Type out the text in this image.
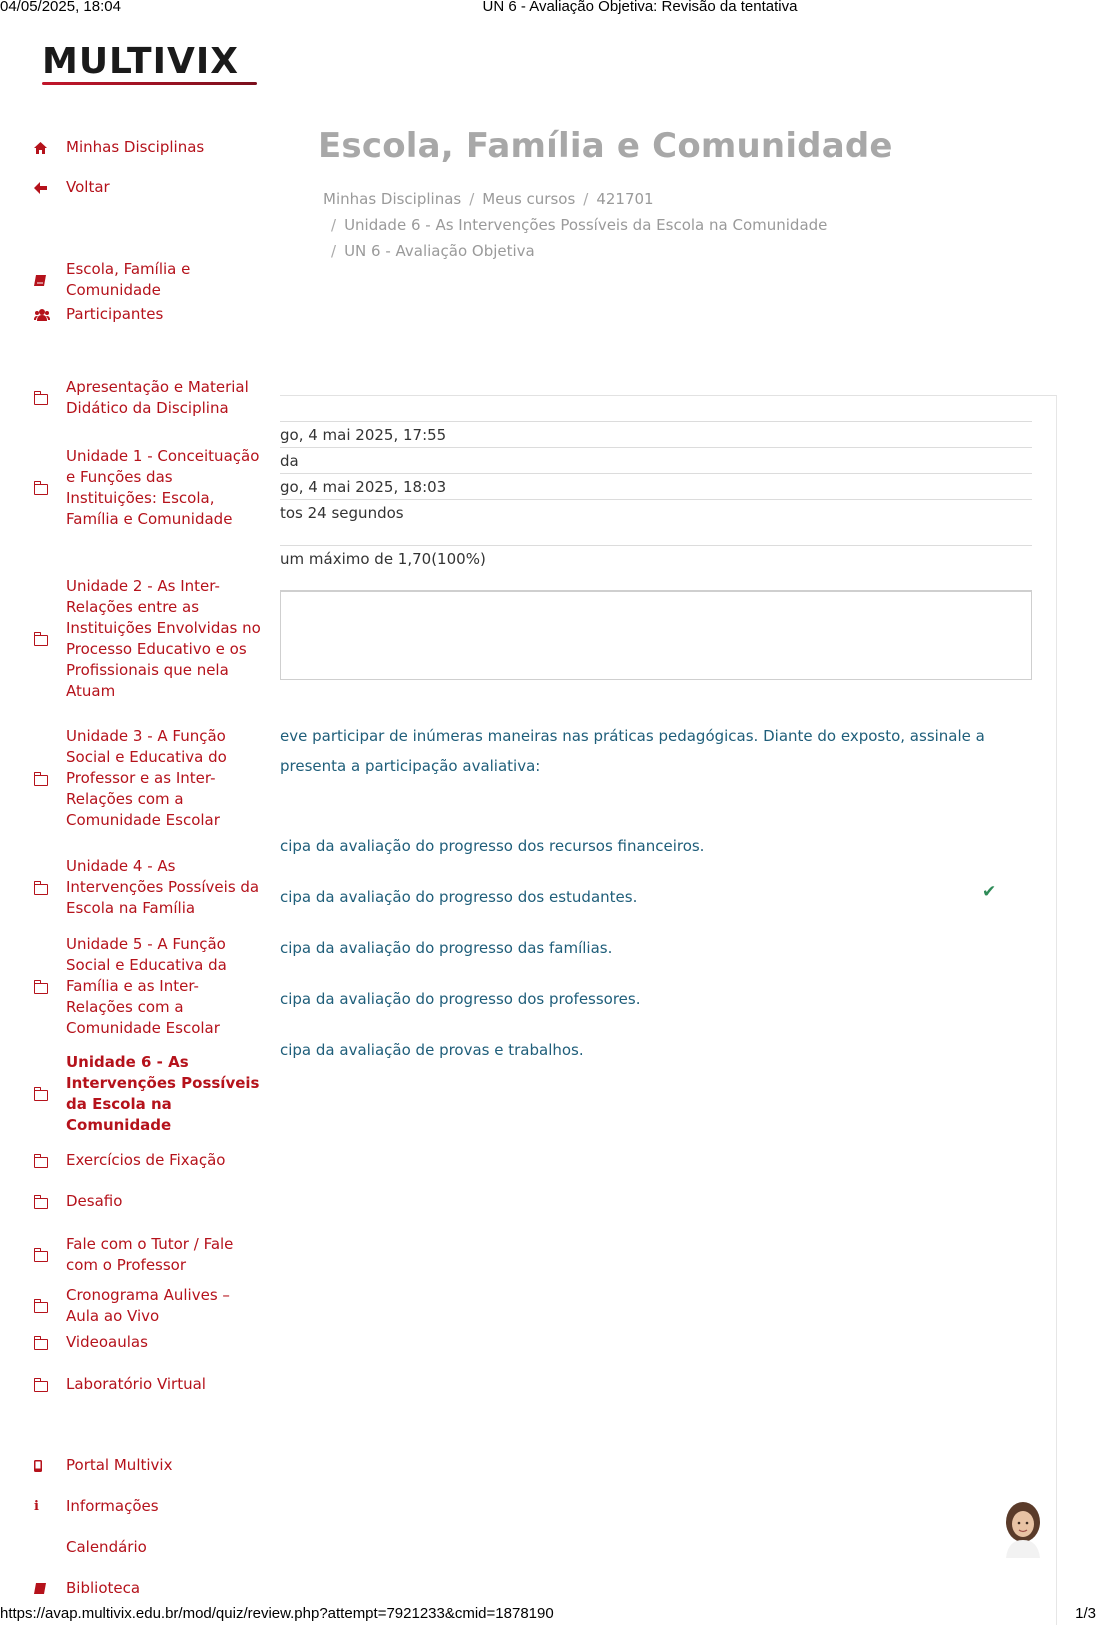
04/05/2025, 18:04	UN 6 - Avaliação Objetiva: Revisão da tentativa
MULTIVIX
Minhas Disciplinas
Voltar
Escola, Família e Comunidade
Participantes
Apresentação e Material Didático da Disciplina
Unidade 1 - Conceituação e Funções das Instituições: Escola, Família e Comunidade
Unidade 2 - As Inter-Relações entre as Instituições Envolvidas no Processo Educativo e os Profissionais que nela Atuam
Unidade 3 - A Função Social e Educativa do Professor e as Inter-Relações com a Comunidade Escolar
Unidade 4 - As Intervenções Possíveis da Escola na Família
Unidade 5 - A Função Social e Educativa da Família e as Inter-Relações com a Comunidade Escolar
Unidade 6 - As Intervenções Possíveis da Escola na Comunidade
Exercícios de Fixação
Desafio
Fale com o Tutor / Fale com o Professor
Cronograma Aulives – Aula ao Vivo
Videoaulas
Laboratório Virtual
Portal Multivix
i	Informações
Calendário
Biblioteca
Escola, Família e Comunidade
Minhas Disciplinas / Meus cursos / 421701
/ Unidade 6 - As Intervenções Possíveis da Escola na Comunidade
/ UN 6 - Avaliação Objetiva
go, 4 mai 2025, 17:55
da
go, 4 mai 2025, 18:03
tos 24 segundos
um máximo de 1,70(100%)
eve participar de inúmeras maneiras nas práticas pedagógicas. Diante do exposto, assinale a
presenta a participação avaliativa:
cipa da avaliação do progresso dos recursos financeiros.
cipa da avaliação do progresso dos estudantes.
cipa da avaliação do progresso das famílias.
cipa da avaliação do progresso dos professores.
cipa da avaliação de provas e trabalhos.
✔
https://avap.multivix.edu.br/mod/quiz/review.php?attempt=7921233&cmid=1878190	1/3
